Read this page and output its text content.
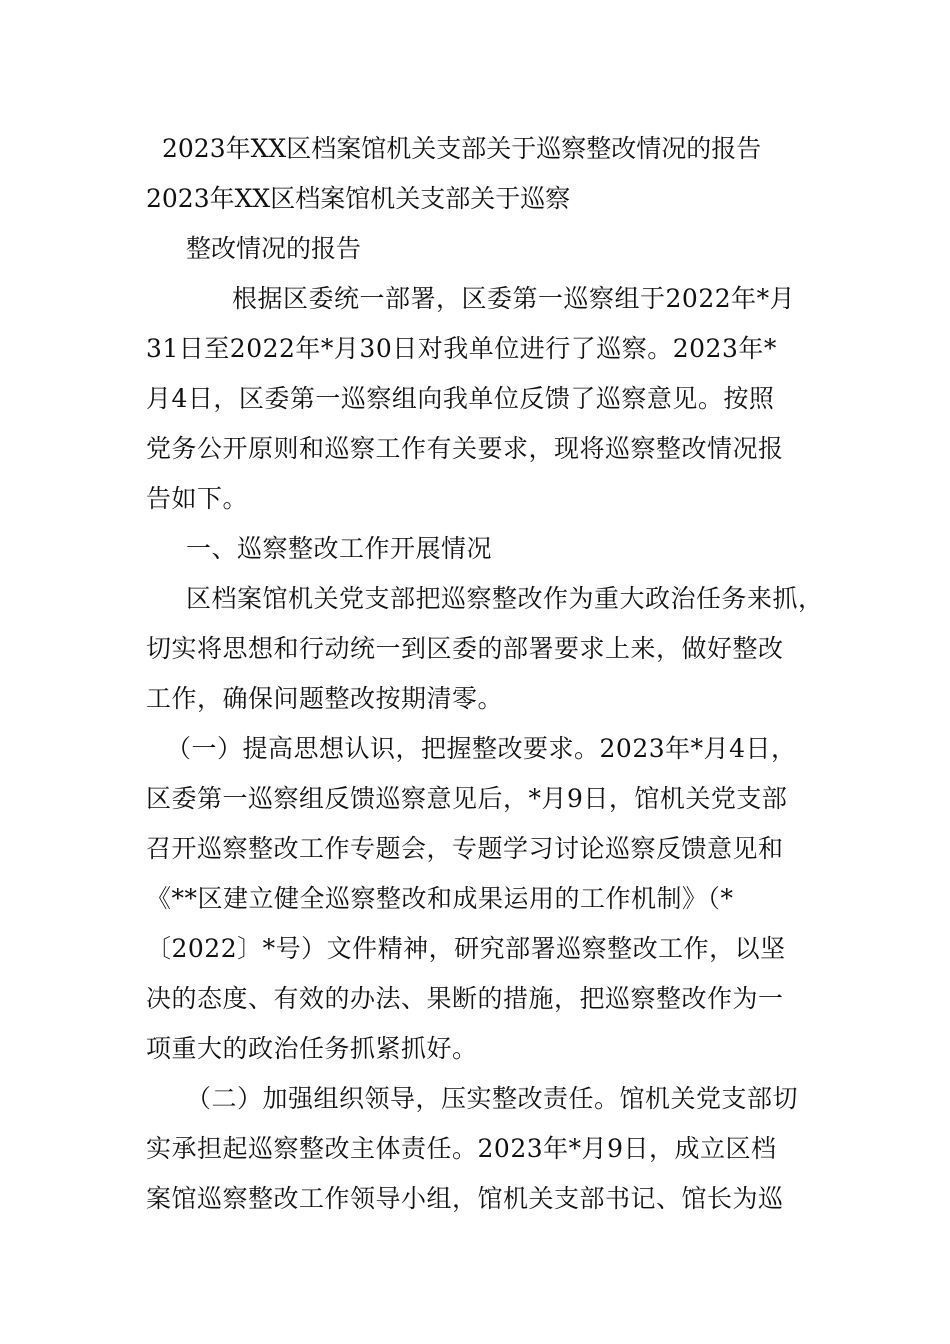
2023年XX区档案馆机关支部关于巡察整改情况的报告
2023年XX区档案馆机关支部关于巡察
整改情况的报告
根据区委统一部署，区委第一巡察组于2022年*月
31日至2022年*月30日对我单位进行了巡察。2023年*
月4日，区委第一巡察组向我单位反馈了巡察意见。按照
党务公开原则和巡察工作有关要求，现将巡察整改情况报
告如下。
一、巡察整改工作开展情况
区档案馆机关党支部把巡察整改作为重大政治任务来抓，
切实将思想和行动统一到区委的部署要求上来，做好整改
工作，确保问题整改按期清零。
（一）提高思想认识，把握整改要求。2023年*月4日，
区委第一巡察组反馈巡察意见后，*月9日，馆机关党支部
召开巡察整改工作专题会，专题学习讨论巡察反馈意见和
《**区建立健全巡察整改和成果运用的工作机制》（*
〔2022〕*号）文件精神，研究部署巡察整改工作，以坚
决的态度、有效的办法、果断的措施，把巡察整改作为一
项重大的政治任务抓紧抓好。
（二）加强组织领导，压实整改责任。馆机关党支部切
实承担起巡察整改主体责任。2023年*月9日，成立区档
案馆巡察整改工作领导小组，馆机关支部书记、馆长为巡
